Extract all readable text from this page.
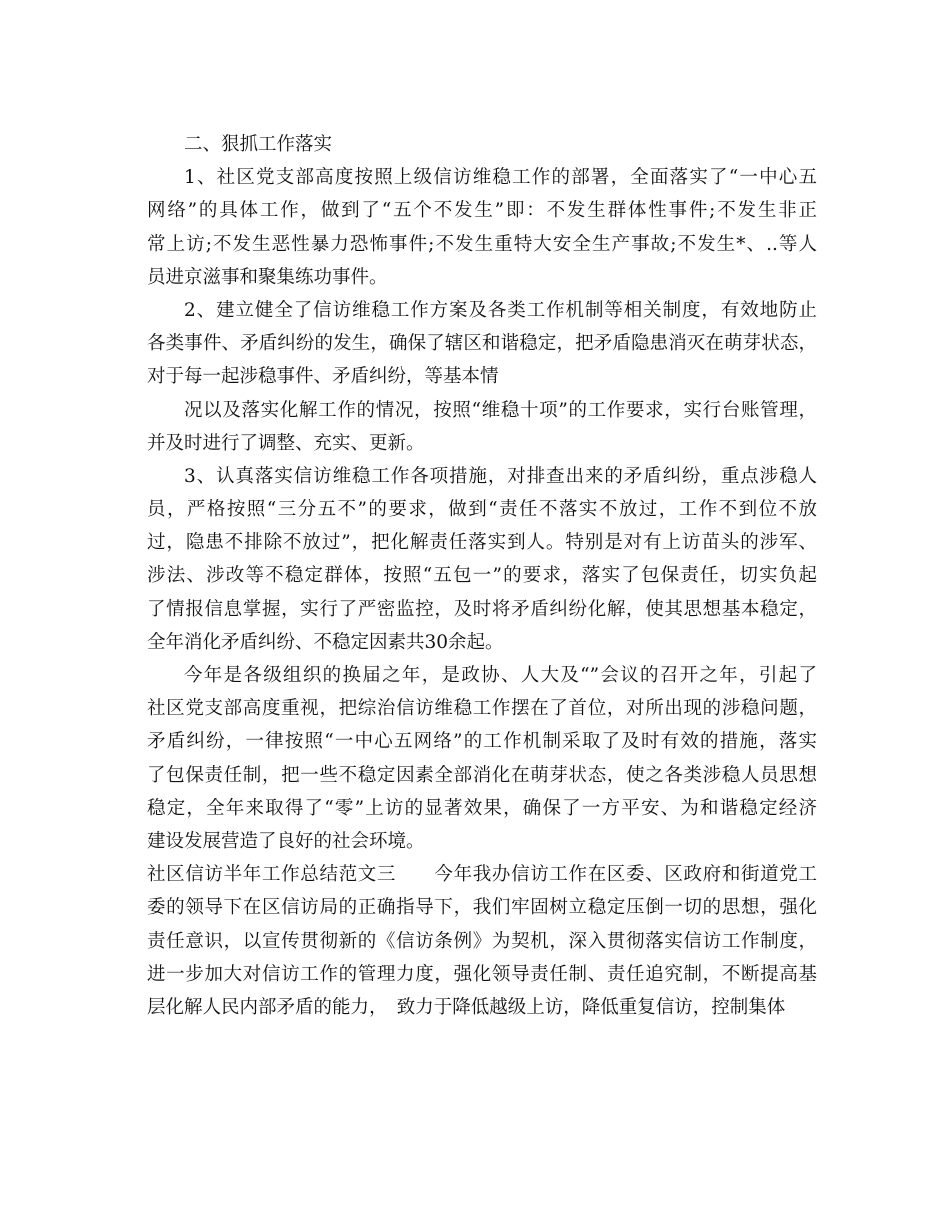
二、狠抓工作落实
1、社区党支部高度按照上级信访维稳工作的部署，全面落实了“一中心五
网络”的具体工作，做到了“五个不发生”即：不发生群体性事件;不发生非正
常上访;不发生恶性暴力恐怖事件;不发生重特大安全生产事故;不发生*、..等人
员进京滋事和聚集练功事件。
2、建立健全了信访维稳工作方案及各类工作机制等相关制度，有效地防止
各类事件、矛盾纠纷的发生，确保了辖区和谐稳定，把矛盾隐患消灭在萌芽状态，
对于每一起涉稳事件、矛盾纠纷，等基本情
况以及落实化解工作的情况，按照“维稳十项”的工作要求，实行台账管理，
并及时进行了调整、充实、更新。
3、认真落实信访维稳工作各项措施，对排查出来的矛盾纠纷，重点涉稳人
员，严格按照“三分五不”的要求，做到“责任不落实不放过，工作不到位不放
过，隐患不排除不放过”，把化解责任落实到人。特别是对有上访苗头的涉军、
涉法、涉改等不稳定群体，按照“五包一”的要求，落实了包保责任，切实负起
了情报信息掌握，实行了严密监控，及时将矛盾纠纷化解，使其思想基本稳定，
全年消化矛盾纠纷、不稳定因素共30余起。
今年是各级组织的换届之年，是政协、人大及“”会议的召开之年，引起了
社区党支部高度重视，把综治信访维稳工作摆在了首位，对所出现的涉稳问题，
矛盾纠纷，一律按照“一中心五网络”的工作机制采取了及时有效的措施，落实
了包保责任制，把一些不稳定因素全部消化在萌芽状态，使之各类涉稳人员思想
稳定，全年来取得了“零”上访的显著效果，确保了一方平安、为和谐稳定经济
建设发展营造了良好的社会环境。
社区信访半年工作总结范文三　　今年我办信访工作在区委、区政府和街道党工
委的领导下在区信访局的正确指导下，我们牢固树立稳定压倒一切的思想，强化
责任意识，以宣传贯彻新的《信访条例》为契机，深入贯彻落实信访工作制度，
进一步加大对信访工作的管理力度，强化领导责任制、责任追究制，不断提高基
层化解人民内部矛盾的能力，　致力于降低越级上访，降低重复信访，控制集体
